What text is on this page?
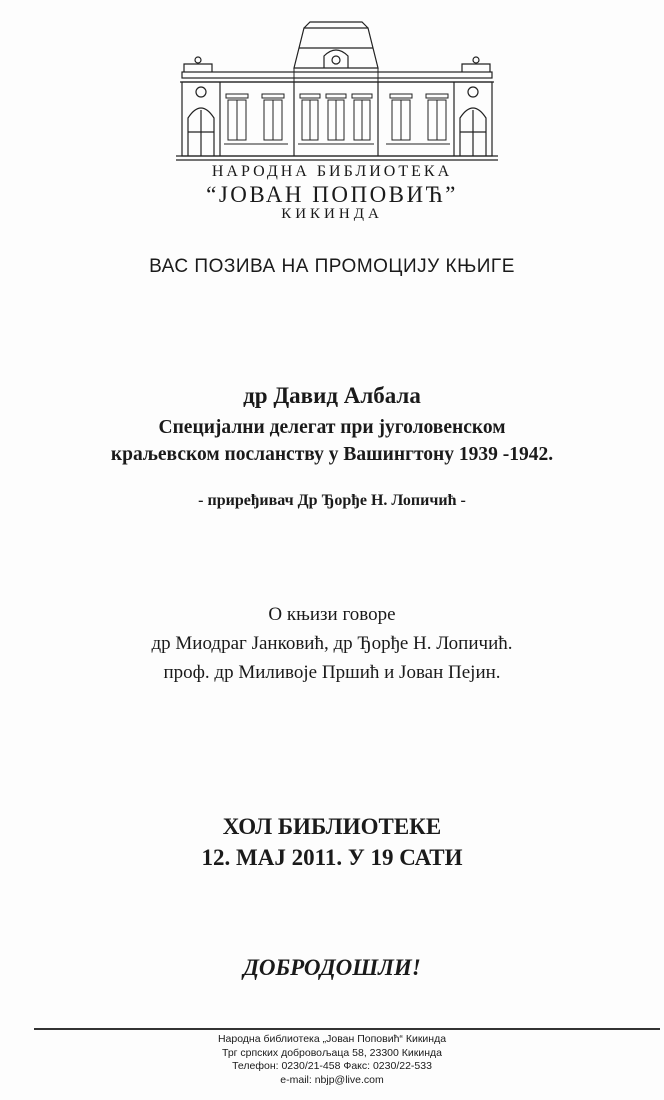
НАРОДНА БИБЛИОТЕКА
“ЈОВАН ПОПОВИЋ”
КИКИНДА
ВАС ПОЗИВА НА ПРОМОЦИЈУ КЊИГЕ
др Давид Албала
Специјални делегат при југоловенском
краљевском посланству у Вашингтону 1939 -1942.
- приређивач Др Ђорђе Н. Лопичић -
О књизи говоре
др Миодраг Јанковић, др Ђорђе Н. Лопичић.
проф. др Миливоје Пршић и Јован Пејин.
ХОЛ БИБЛИОТЕКЕ
12. МАЈ 2011. У 19 САТИ
ДОБРОДОШЛИ!
Народна библиотека „Јован Поповић“ Кикинда
Трг српских добровољаца 58, 23300 Кикинда
Телефон: 0230/21-458 Факс: 0230/22-533
e-mail: nbjp@live.com
